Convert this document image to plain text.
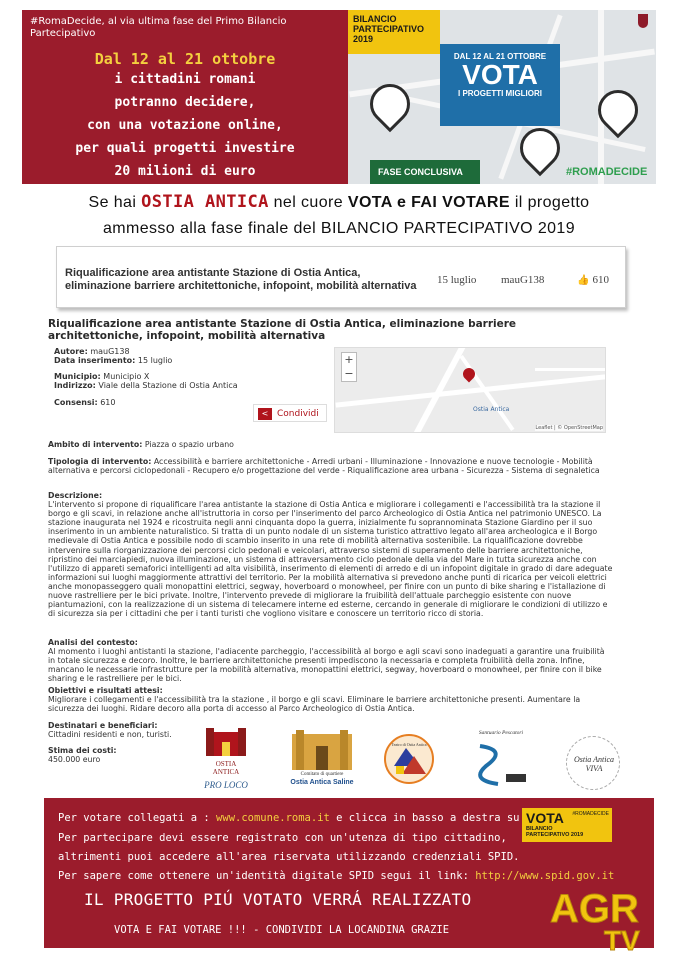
#RomaDecide, al via ultima fase del Primo Bilancio Partecipativo
Dal 12 al 21 ottobre
i cittadini romani
potranno decidere,
con una votazione online,
per quali progetti investire
20 milioni di euro
BILANCIO
PARTECIPATIVO
2019
DAL 12 AL 21 OTTOBRE
VOTA
I PROGETTI MIGLIORI
FASE CONCLUSIVA	#ROMADECIDE
Se hai OSTIA ANTICA nel cuore VOTA e FAI VOTARE il progetto
ammesso alla fase finale del BILANCIO PARTECIPATIVO 2019
Riqualificazione area antistante Stazione di Ostia Antica, eliminazione barriere architettoniche, infopoint, mobilità alternativa 15 luglio mauG138	👍 610
Riqualificazione area antistante Stazione di Ostia Antica, eliminazione barriere architettoniche, infopoint, mobilità alternativa
Autore: mauG138
Data inserimento: 15 luglio
Municipio: Municipio X
Indirizzo: Viale della Stazione di Ostia Antica
Consensi: 610
< Condividi
+
−
Ostia Antica
Leaflet | © OpenStreetMap
Ambito di intervento: Piazza o spazio urbano
Tipologia di intervento: Accessibilità e barriere architettoniche - Arredi urbani - Illuminazione - Innovazione e nuove tecnologie - Mobilità alternativa e percorsi ciclopedonali - Recupero e/o progettazione del verde - Riqualificazione area urbana - Sicurezza - Sistema di segnaletica
Descrizione:
L'intervento si propone di riqualificare l'area antistante la stazione di Ostia Antica e migliorare i collegamenti e l'accessibilità tra la stazione il borgo e gli scavi, in relazione anche all'istruttoria in corso per l'inserimento del parco Archeologico di Ostia Antica nel patrimonio UNESCO. La stazione inaugurata nel 1924 e ricostruita negli anni cinquanta dopo la guerra, inizialmente fu soprannominata Stazione Giardino per il suo inserimento in un ambiente naturalistico. Si tratta di un punto nodale di un sistema turistico attrattivo legato all'area archeologica e il Borgo medievale di Ostia Antica e possibile nodo di scambio inserito in una rete di mobilità alternativa sostenibile. La riqualificazione dovrebbe intervenire sulla riorganizzazione dei percorsi ciclo pedonali e veicolari, attraverso sistemi di superamento delle barriere architettoniche, ripristino dei marciapiedi, nuova illuminazione, un sistema di attraversamento ciclo pedonale della via del Mare in tutta sicurezza anche con l'utilizzo di appareti semaforici intelligenti ad alta visibilità, inserimento di elementi di arredo e di un infopoint digitale in grado di dare adeguate informazioni sui luoghi maggiormente attrattivi del territorio. Per la mobilità alternativa si prevedono anche punti di ricarica per veicoli elettrici anche monopasseggero quali monopattini elettrici, segway, hoverboard o monowheel, per finire con un punto di bike sharing e l'istallazione di nuove rastrelliere per le bici private. Inoltre, l'intervento prevede di migliorare la fruibilità dell'attuale parcheggio esistente con nuove piantumazioni, con la realizzazione di un sistema di telecamere interne ed esterne, cercando in generale di migliorare le condizioni di utilizzo e di sicurezza sia per i cittadini che per i tanti turisti che vogliono visitare e conoscere un territorio ricco di storia.
Analisi del contesto:
Al momento i luoghi antistanti la stazione, l'adiacente parcheggio, l'accessibilità al borgo e agli scavi sono inadeguati a garantire una fruibilità in totale sicurezza e decoro. Inoltre, le barriere architettoniche presenti impediscono la necessaria e completa fruibilità della zona. Infine, mancano le necessarie infrastrutture per la mobilità alternativa, monopattini elettrici, segway, hoverboard o monowheel, per finire con il bike sharing e le rastrelliere per le bici.
Obiettivi e risultati attesi:
Migliorare i collegamenti e l'accessibilità tra la stazione , il borgo e gli scavi. Eliminare le barriere architettoniche presenti. Aumentare la sicurezza dei luoghi. Ridare decoro alla porta di accesso al Parco Archeologico di Ostia Antica.
Destinatari e beneficiari:
Cittadini residenti e non, turisti.
Stima dei costi:
450.000 euro	OSTIA
ANTICA
PRO LOCO
Comitato di quartiere
Ostia Antica Saline
Teatro di Ostia Antica
Santuario Pescatori
Ostia Antica VIVA
Per votare collegati a : www.comune.roma.it e clicca in basso a destra su
Per partecipare devi essere registrato con un'utenza di tipo cittadino,
altrimenti puoi accedere all'area riservata utilizzando credenziali SPID.
Per sapere come ottenere un'identità digitale SPID segui il link: http://www.spid.gov.it
VOTA #ROMADECIDE
BILANCIO
PARTECIPATIVO 2019
IL PROGETTO PIÚ VOTATO VERRÁ REALIZZATO
VOTA E FAI VOTARE !!! - CONDIVIDI LA LOCANDINA GRAZIE	AGR
TV
